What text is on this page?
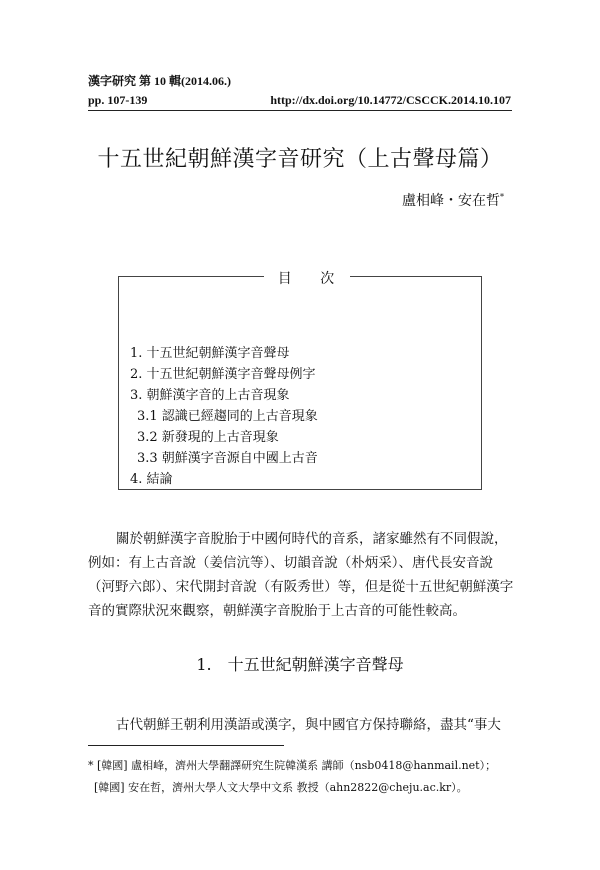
漢字研究 第 10 輯(2014.06.)
pp. 107-139	http://dx.doi.org/10.14772/CSCCK.2014.10.107
十五世紀朝鮮漢字音研究（上古聲母篇）
盧相峰・安在哲*
目 次
1. 十五世紀朝鮮漢字音聲母
2. 十五世紀朝鮮漢字音聲母例字
3. 朝鮮漢字音的上古音現象
3.1 認識已經趨同的上古音現象
3.2 新發現的上古音現象
3.3 朝鮮漢字音源自中國上古音
4. 結論

關於朝鮮漢字音脫胎于中國何時代的音系，諸家雖然有不同假說，例如：有上古音說（姜信沆等）、切韻音說（朴炳采）、唐代長安音說（河野六郎）、宋代開封音說（有阪秀世）等，但是從十五世紀朝鮮漢字音的實際狀況來觀察，朝鮮漢字音脫胎于上古音的可能性較高。

1.　十五世紀朝鮮漢字音聲母
古代朝鮮王朝利用漢語或漢字，與中國官方保持聯絡，盡其“事大
* [韓國] 盧相峰，濟州大學翻譯研究生院韓漢系 講師（nsb0418@hanmail.net）；
[韓國] 安在哲，濟州大學人文大學中文系 教授（ahn2822@cheju.ac.kr）。
